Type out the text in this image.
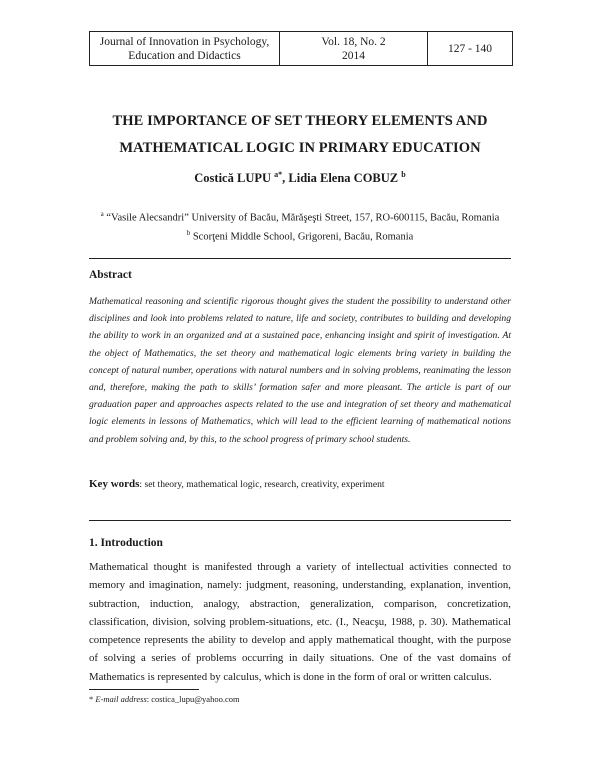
Journal of Innovation in Psychology,
Education and Didactics
Vol. 18, No. 2
2014
127 - 140
THE IMPORTANCE OF SET THEORY ELEMENTS AND
MATHEMATICAL LOGIC IN PRIMARY EDUCATION
Costică LUPU $^{a*}$, Lidia Elena COBUZ $^b$
$^a$ “Vasile Alecsandri” University of Bacău, Mărăşeşti Street, 157, RO-600115, Bacău, Romania
$^b$ Scorţeni Middle School, Grigoreni, Bacău, Romania
Abstract
Mathematical reasoning and scientific rigorous thought gives the student the possibility to understand other disciplines and look into problems related to nature, life and society, contributes to building and developing the ability to work in an organized and at a sustained pace, enhancing insight and spirit of investigation. At the object of Mathematics, the set theory and mathematical logic elements bring variety in building the concept of natural number, operations with natural numbers and in solving problems, reanimating the lesson and, therefore, making the path to skills’ formation safer and more pleasant. The article is part of our graduation paper and approaches aspects related to the use and integration of set theory and mathematical logic elements in lessons of Mathematics, which will lead to the efficient learning of mathematical notions and problem solving and, by this, to the school progress of primary school students.
Key words: set theory, mathematical logic, research, creativity, experiment
1. Introduction
Mathematical thought is manifested through a variety of intellectual activities connected to memory and imagination, namely: judgment, reasoning, understanding, explanation, invention, subtraction, induction, analogy, abstraction, generalization, comparison, concretization, classification, division, solving problem-situations, etc. (I., Neacşu, 1988, p. 30). Mathematical competence represents the ability to develop and apply mathematical thought, with the purpose of solving a series of problems occurring in daily situations. One of the vast domains of Mathematics is represented by calculus, which is done in the form of oral or written calculus.
* E-mail address: costica_lupu@yahoo.com
